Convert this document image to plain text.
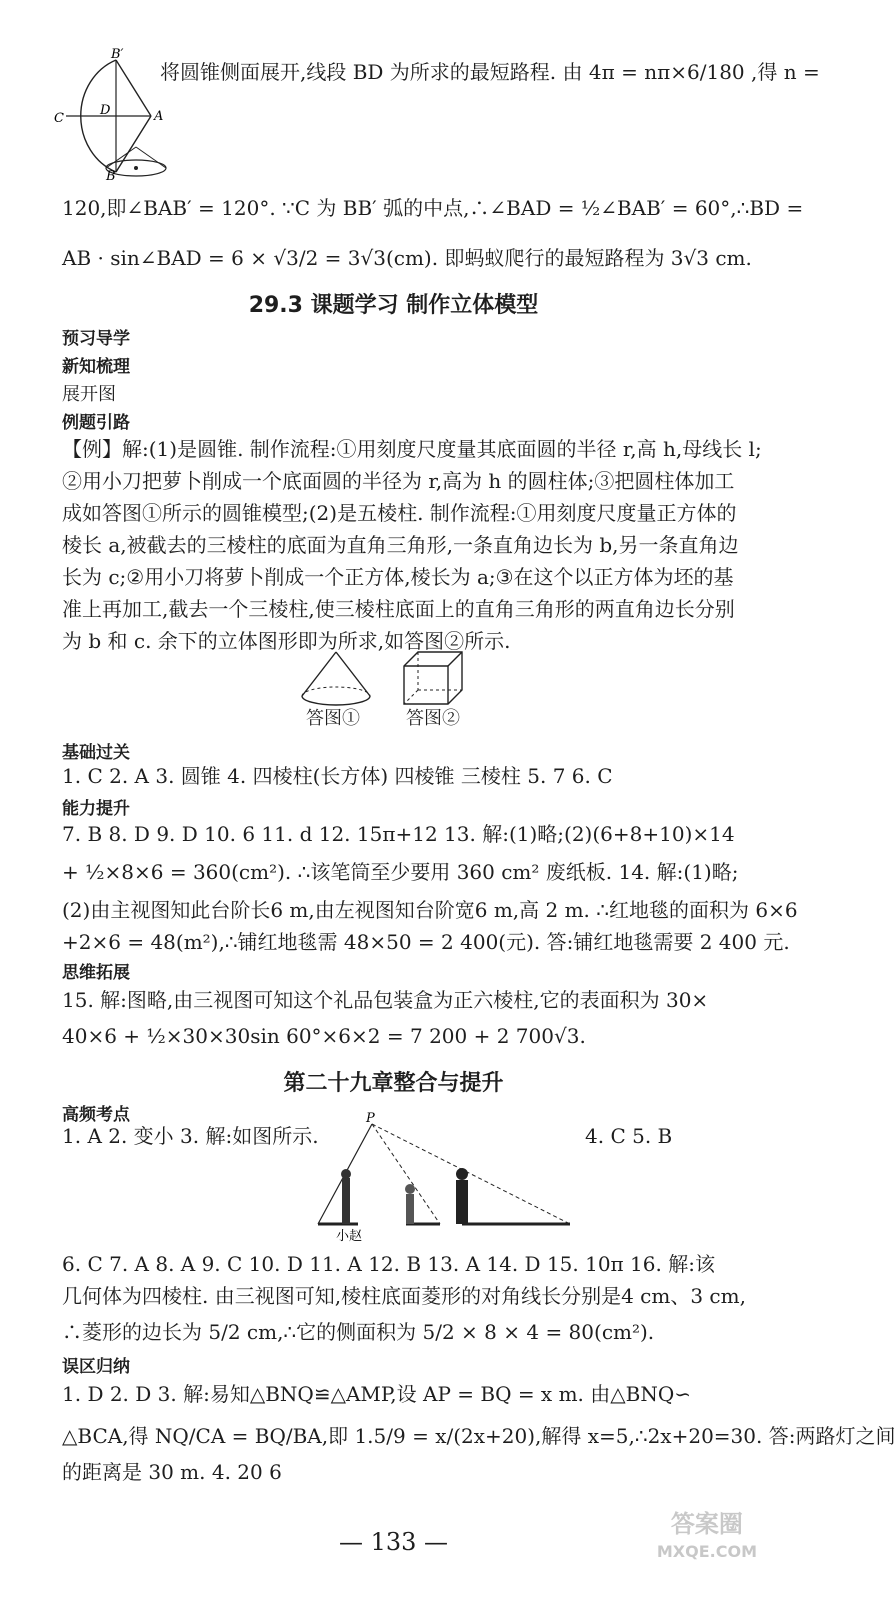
B′
C
D	A
B
将圆锥侧面展开,线段 BD 为所求的最短路程. 由 4π = nπ×6/180 ,得 n =
120,即∠BAB′ = 120°. ∵C 为 BB′ 弧的中点,∴∠BAD = ½∠BAB′ = 60°,∴BD =
AB · sin∠BAD = 6 × √3/2 = 3√3(cm). 即蚂蚁爬行的最短路程为 3√3 cm.
29.3 课题学习 制作立体模型
预习导学
新知梳理
展开图
例题引路
【例】解:(1)是圆锥. 制作流程:①用刻度尺度量其底面圆的半径 r,高 h,母线长 l;
②用小刀把萝卜削成一个底面圆的半径为 r,高为 h 的圆柱体;③把圆柱体加工
成如答图①所示的圆锥模型;(2)是五棱柱. 制作流程:①用刻度尺度量正方体的
棱长 a,被截去的三棱柱的底面为直角三角形,一条直角边长为 b,另一条直角边
长为 c;②用小刀将萝卜削成一个正方体,棱长为 a;③在这个以正方体为坯的基
准上再加工,截去一个三棱柱,使三棱柱底面上的直角三角形的两直角边长分别
为 b 和 c. 余下的立体图形即为所求,如答图②所示.
答图①	答图②
基础过关
1. C 2. A 3. 圆锥 4. 四棱柱(长方体) 四棱锥 三棱柱 5. 7 6. C
能力提升
7. B 8. D 9. D 10. 6 11. d 12. 15π+12 13. 解:(1)略;(2)(6+8+10)×14
+ ½×8×6 = 360(cm²). ∴该笔筒至少要用 360 cm² 废纸板. 14. 解:(1)略;
(2)由主视图知此台阶长6 m,由左视图知台阶宽6 m,高 2 m. ∴红地毯的面积为 6×6
+2×6 = 48(m²),∴铺红地毯需 48×50 = 2 400(元). 答:铺红地毯需要 2 400 元.
思维拓展
15. 解:图略,由三视图可知这个礼品包装盒为正六棱柱,它的表面积为 30×
40×6 + ½×30×30sin 60°×6×2 = 7 200 + 2 700√3.
第二十九章整合与提升
高频考点
1. A 2. 变小 3. 解:如图所示.	4. C 5. B
P
小赵
6. C 7. A 8. A 9. C 10. D 11. A 12. B 13. A 14. D 15. 10π 16. 解:该
几何体为四棱柱. 由三视图可知,棱柱底面菱形的对角线长分别是4 cm、3 cm,
∴菱形的边长为 5/2 cm,∴它的侧面积为 5/2 × 8 × 4 = 80(cm²).
误区归纳
1. D 2. D 3. 解:易知△BNQ≌△AMP,设 AP = BQ = x m. 由△BNQ∽
△BCA,得 NQ/CA = BQ/BA,即 1.5/9 = x/(2x+20),解得 x=5,∴2x+20=30. 答:两路灯之间
的距离是 30 m. 4. 20 6
— 133 —
答案圈
MXQE.COM
